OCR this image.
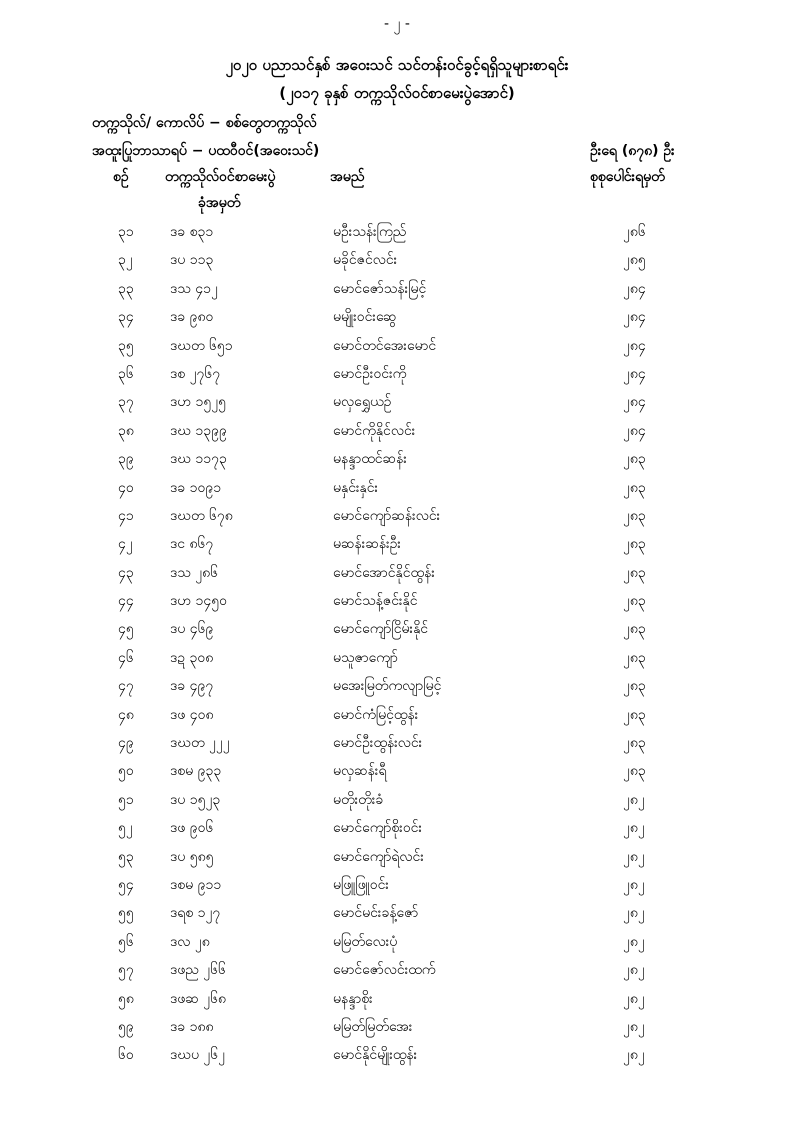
- ၂ -
၂၀၂၀ ပညာသင်နှစ် အဝေးသင် သင်တန်းဝင်ခွင့်ရရှိသူများစာရင်း
(၂၀၁၇ ခုနှစ် တက္ကသိုလ်ဝင်စာမေးပွဲအောင်)
တက္ကသိုလ်/ ကောလိပ် − စစ်တွေတက္ကသိုလ်
အထူးပြုဘာသာရပ် − ပထဝီဝင်(အဝေးသင်)	ဦးရေ (၈၇၈) ဦး
စဉ်	တက္ကသိုလ်ဝင်စာမေးပွဲ
ခုံအမှတ်
အမည်	စုစုပေါင်းရမှတ်
၃၁	ဒခ စ၃၁	မဦးသန်းကြည်	၂၈၆
၃၂	ဒပ ၁၁၃	မခိုင်ဇင်လင်း	၂၈၅
၃၃	ဒသ ၄၁၂	မောင်ဇော်သန်းမြင့်	၂၈၄
၃၄	ဒခ ၉၈၀	မမျိုးဝင်းဆွေ	၂၈၄
၃၅	ဒဃတ ၆၅၁	မောင်တင်အေးမောင်	၂၈၄
၃၆	ဒစ ၂၇၆၇	မောင်ဦးဝင်းကို	၂၈၄
၃၇	ဒဟ ၁၅၂၅	မလှရွှေယဉ်	၂၈၄
၃၈	ဒဃ ၁၃၉၉	မောင်ကိုနိုင်လင်း	၂၈၄
၃၉	ဒဃ ၁၁၇၃	မနန္ဒာထင်ဆန်း	၂၈၃
၄၀	ဒခ ၁၀၉၁	မနှင်းနှင်း	၂၈၃
၄၁	ဒဃတ ၆၇၈	မောင်ကျော်ဆန်းလင်း	၂၈၃
၄၂	ဒင ၈၆၇	မဆန်းဆန်းဦး	၂၈၃
၄၃	ဒသ ၂၈၆	မောင်အောင်နိုင်ထွန်း	၂၈၃
၄၄	ဒဟ ၁၄၅၀	မောင်သန့်ဇင်းနိုင်	၂၈၃
၄၅	ဒပ ၄၆၉	မောင်ကျော်ငြိမ်းနိုင်	၂၈၃
၄၆	ဒဍ ၃၀၈	မသူဇာကျော်	၂၈၃
၄၇	ဒခ ၄၉၇	မအေးမြတ်ကလျာမြင့်	၂၈၃
၄၈	ဒဖ ၄၀၈	မောင်ကံမြင့်ထွန်း	၂၈၃
၄၉	ဒဃတ ၂၂၂	မောင်ဦးထွန်းလင်း	၂၈၃
၅၀	ဒစမ ၉၃၃	မလှဆန်းရီ	၂၈၃
၅၁	ဒပ ၁၅၂၃	မတိုးတိုးခံ	၂၈၂
၅၂	ဒဖ ၉၀၆	မောင်ကျော်စိုးဝင်း	၂၈၂
၅၃	ဒပ ၅၈၅	မောင်ကျော်ရဲလင်း	၂၈၂
၅၄	ဒစမ ၉၁၁	မဖြူဖြူဝင်း	၂၈၂
၅၅	ဒရစ ၁၂၇	မောင်မင်းခန့်ဇော်	၂၈၂
၅၆	ဒလ ၂၈	မမြတ်လေးပုံ	၂၈၂
၅၇	ဒဖည ၂၆၆	မောင်ဇော်လင်းထက်	၂၈၂
၅၈	ဒဖဆ ၂၆၈	မနန္ဒာစိုး	၂၈၂
၅၉	ဒခ ၁၈၈	မမြတ်မြတ်အေး	၂၈၂
၆၀	ဒဃပ ၂၆၂	မောင်နိုင်မျိုးထွန်း	၂၈၂
